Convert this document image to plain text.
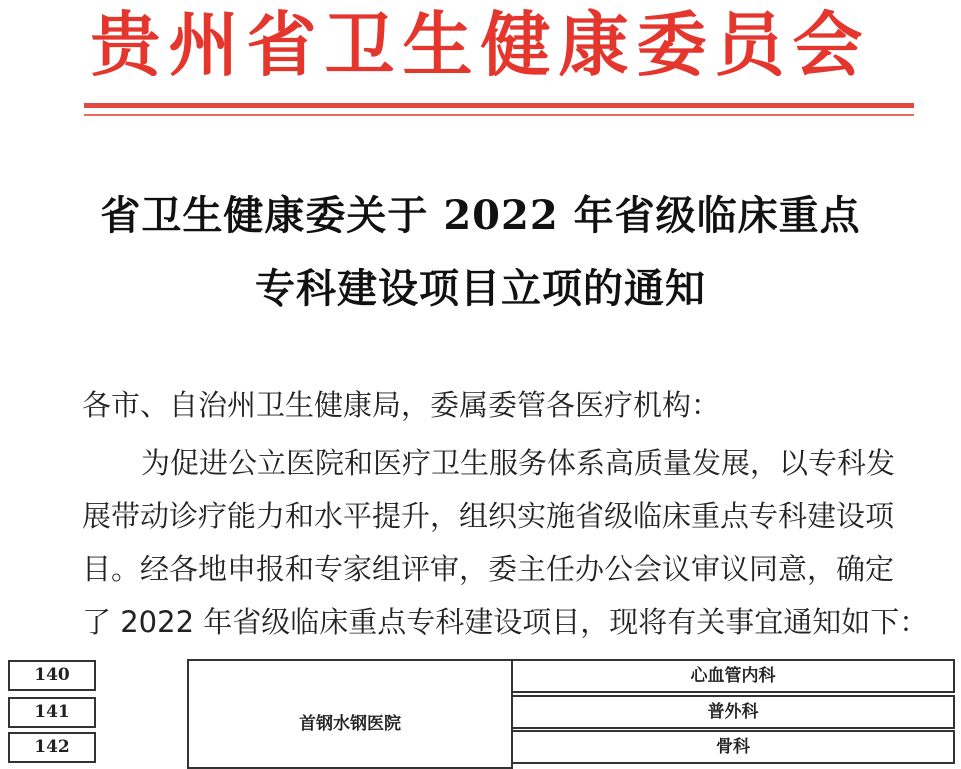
贵州省卫生健康委员会
省卫生健康委关于 2022 年省级临床重点
专科建设项目立项的通知
各市、自治州卫生健康局，委属委管各医疗机构：
为促进公立医院和医疗卫生服务体系高质量发展，以专科发
展带动诊疗能力和水平提升，组织实施省级临床重点专科建设项
目。经各地申报和专家组评审，委主任办公会议审议同意，确定
了 2022 年省级临床重点专科建设项目，现将有关事宜通知如下：
140
141
142
首钢水钢医院
心血管内科
普外科
骨科
